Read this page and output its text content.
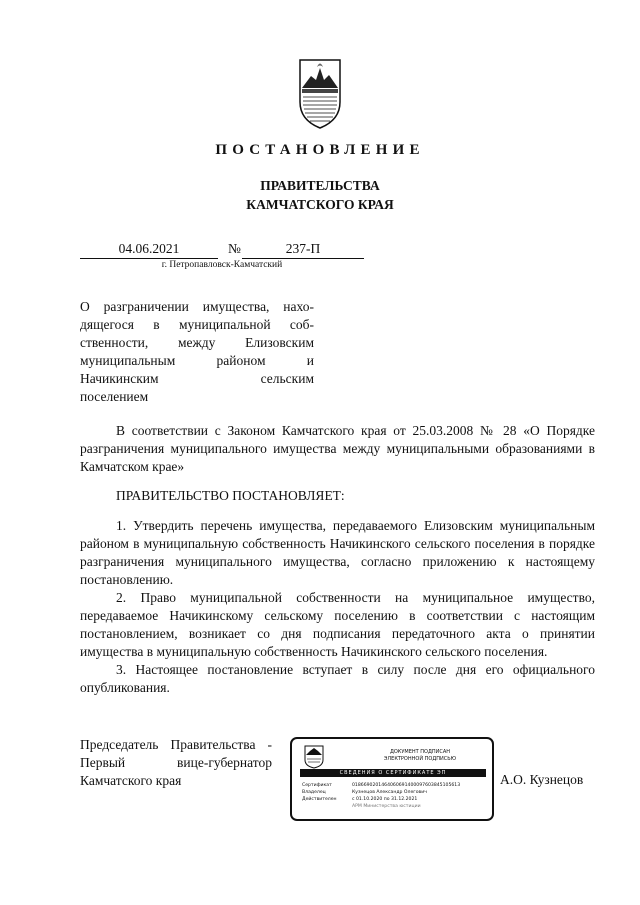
ПОСТАНОВЛЕНИЕ
ПРАВИТЕЛЬСТВА
КАМЧАТСКОГО КРАЯ
04.06.2021	№	237-П
г. Петропавловск-Камчатский
О разграничении имущества, нахо-
дящегося в муниципальной соб-
ственности, между Елизовским
муниципальным районом и
Начикинским сельским
поселением
В соответствии с Законом Камчатского края от 25.03.2008 № 28 «О Порядке разграничения муниципального имущества между муниципальными образованиями в Камчатском крае»
ПРАВИТЕЛЬСТВО ПОСТАНОВЛЯЕТ:

1. Утвердить перечень имущества, передаваемого Елизовским муниципальным районом в муниципальную собственность Начикинского сельского поселения в порядке разграничения муниципального имущества, согласно приложению к настоящему постановлению.

2. Право муниципальной собственности на муниципальное имущество, передаваемое Начикинскому сельскому поселению в соответствии с настоящим постановлением, возникает со дня подписания передаточного акта о принятии имущества в муниципальную собственность Начикинского сельского поселения.

3. Настоящее постановление вступает в силу после дня его официального опубликования.

Председатель Правительства -
Первый вице-губернатор
Камчатского края
ДОКУМЕНТ ПОДПИСАН
ЭЛЕКТРОННОЙ ПОДПИСЬЮ
СВЕДЕНИЯ О СЕРТИФИКАТЕ ЭП
Сертификат	0186690201464060691400097603845105613
Владелец	Кузнецов Александр Олегович
Действителен	с 01.10.2020 по 31.12.2021
АРМ Министерства юстиции
А.О. Кузнецов
